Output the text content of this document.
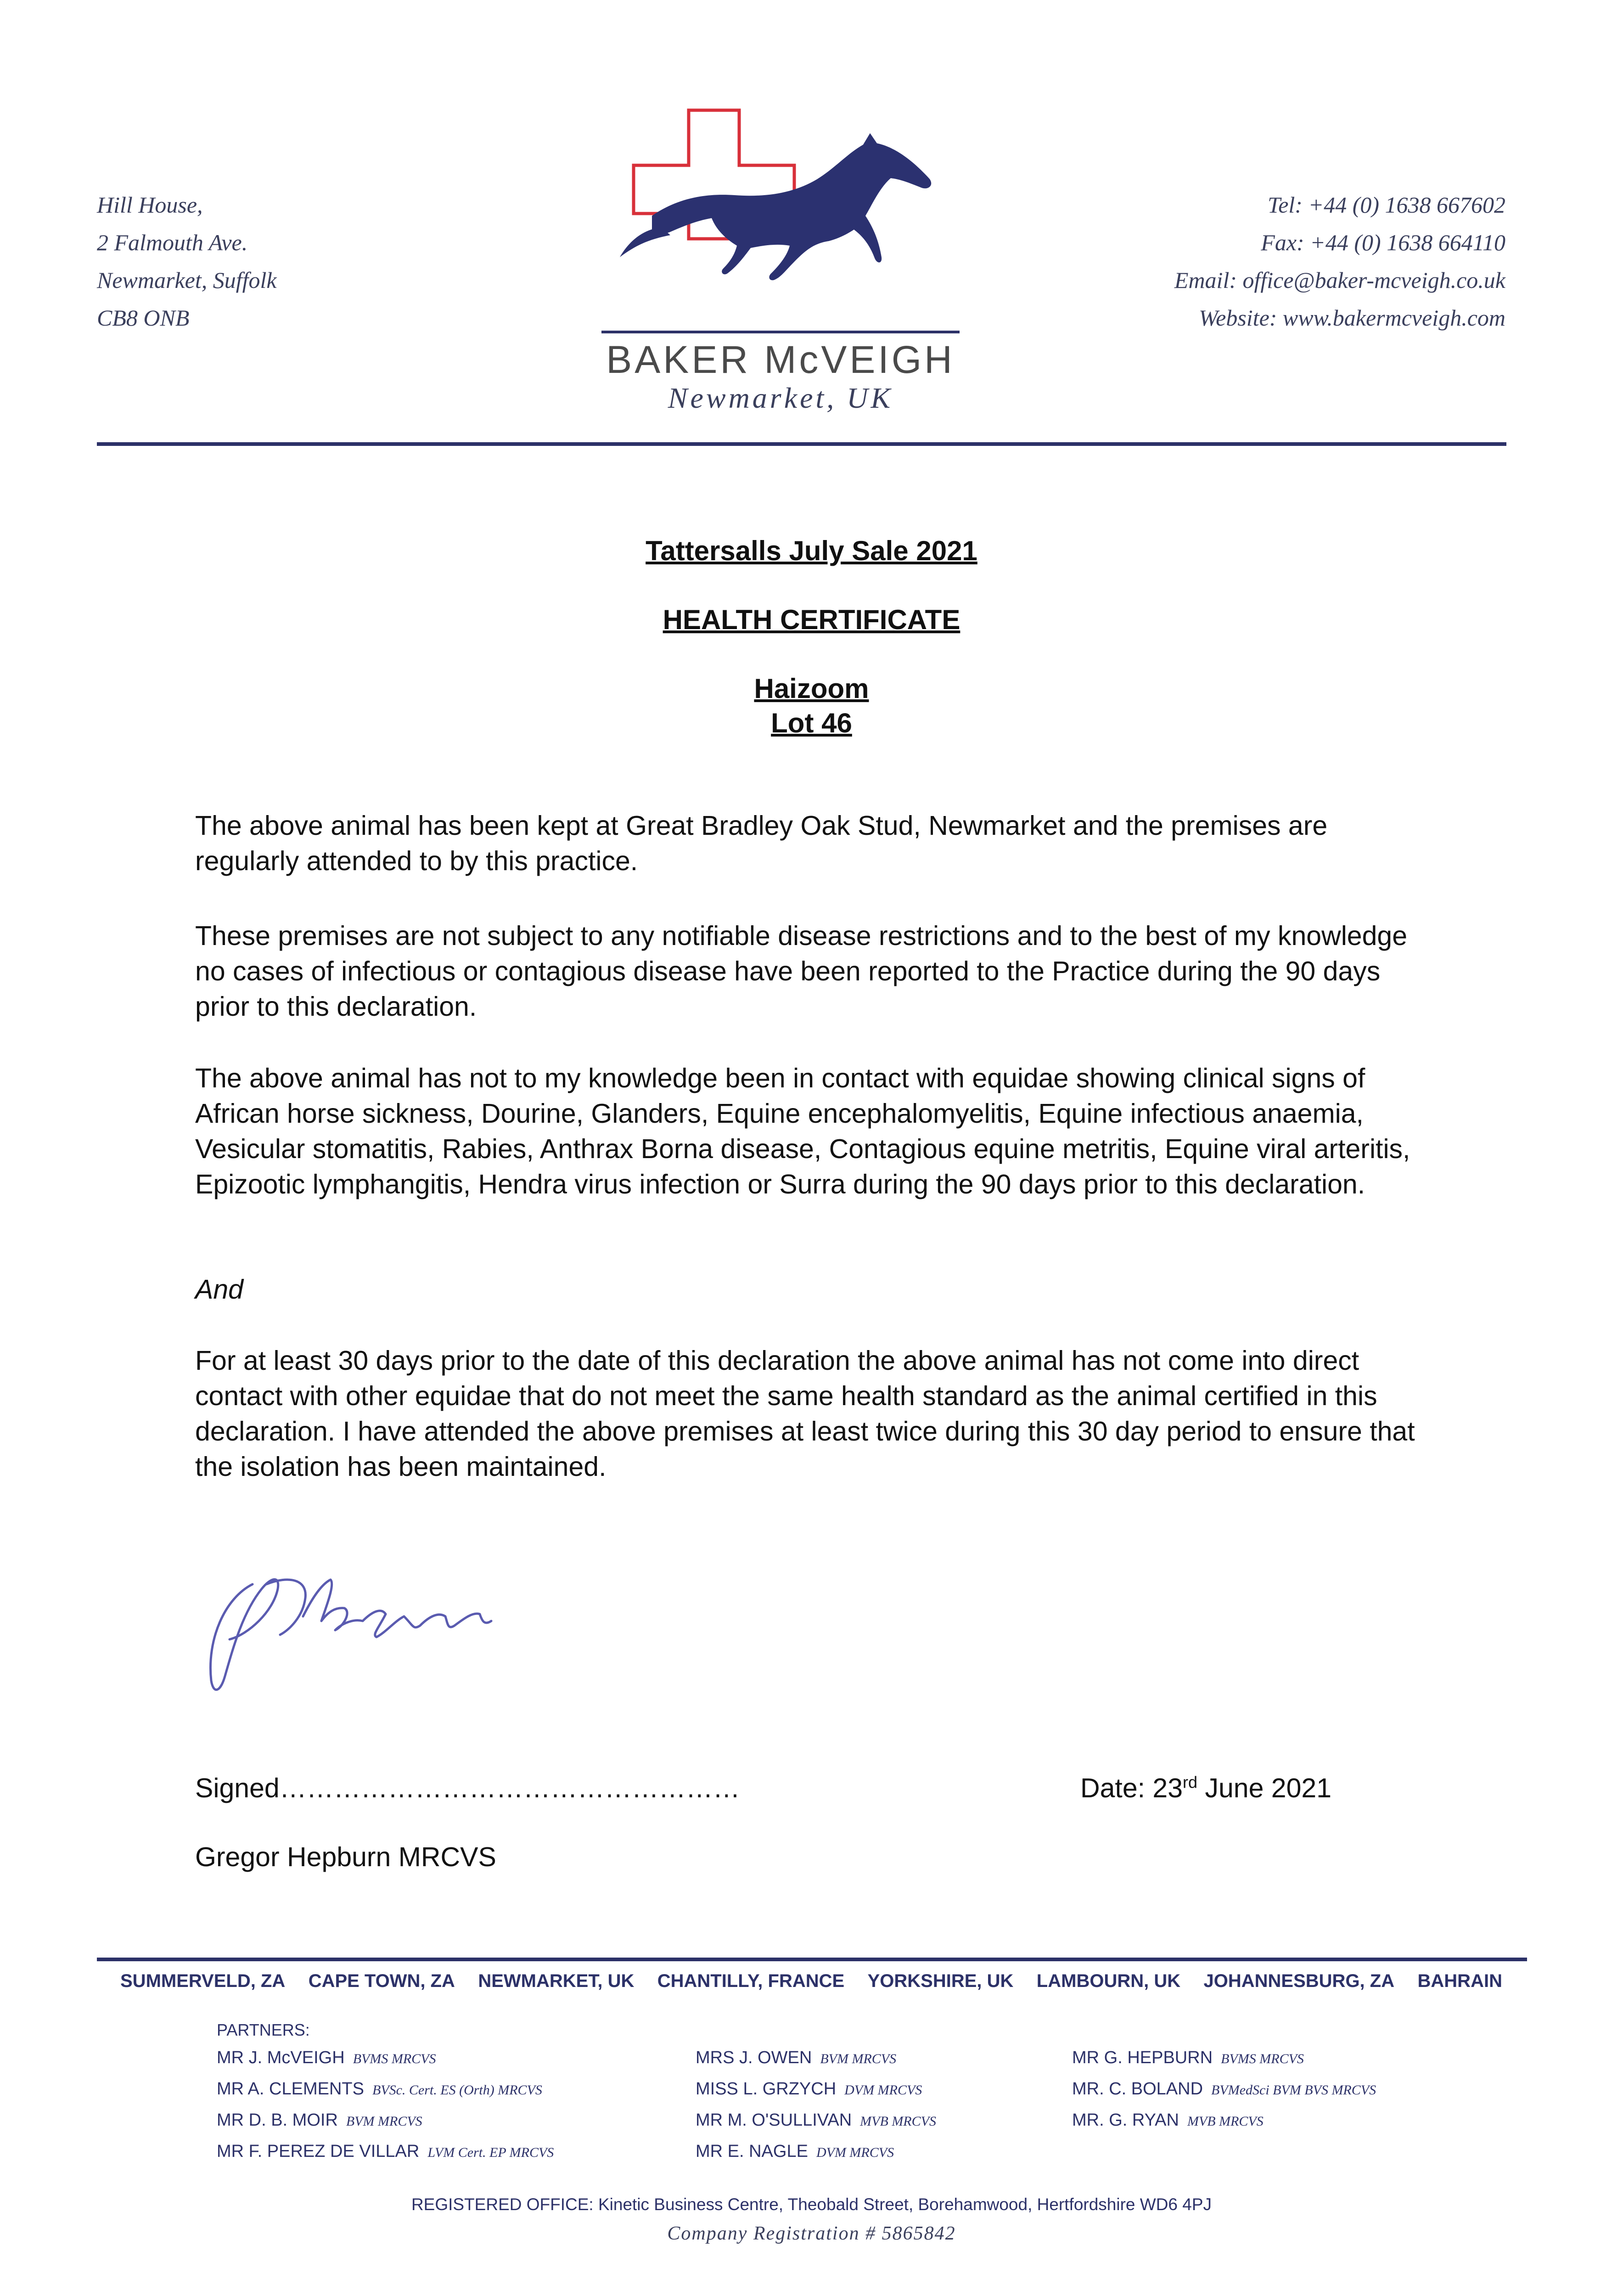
Hill House,
2 Falmouth Ave.
Newmarket, Suffolk
CB8 ONB
Tel: +44 (0) 1638 667602
Fax: +44 (0) 1638 664110
Email: office@baker-mcveigh.co.uk
Website: www.bakermcveigh.com
BAKER McVEIGH
Newmarket, UK
Tattersalls July Sale 2021
HEALTH CERTIFICATE
Haizoom
Lot 46

The above animal has been kept at Great Bradley Oak Stud, Newmarket and the premises are regularly attended to by this practice.

These premises are not subject to any notifiable disease restrictions and to the best of my knowledge no cases of infectious or contagious disease have been reported to the Practice during the 90 days prior to this declaration.

The above animal has not to my knowledge been in contact with equidae showing clinical signs of African horse sickness, Dourine, Glanders, Equine encephalomyelitis, Equine infectious anaemia, Vesicular stomatitis, Rabies, Anthrax Borna disease, Contagious equine metritis, Equine viral arteritis, Epizootic lymphangitis, Hendra virus infection or Surra during the 90 days prior to this declaration.

And

For at least 30 days prior to the date of this declaration the above animal has not come into direct contact with other equidae that do not meet the same health standard as the animal certified in this declaration. I have attended the above premises at least twice during this 30 day period to ensure that the isolation has been maintained.

Signed……………………………………………	Date: 23rd June 2021
Gregor Hepburn MRCVS
SUMMERVELD, ZA CAPE TOWN, ZA NEWMARKET, UK CHANTILLY, FRANCE YORKSHIRE, UK LAMBOURN, UK JOHANNESBURG, ZA BAHRAIN
PARTNERS:
MR J. McVEIGH BVMS MRCVS
MR A. CLEMENTS BVSc. Cert. ES (Orth) MRCVS
MR D. B. MOIR BVM MRCVS
MR F. PEREZ DE VILLAR LVM Cert. EP MRCVS
MRS J. OWEN BVM MRCVS
MISS L. GRZYCH DVM MRCVS
MR M. O'SULLIVAN MVB MRCVS
MR E. NAGLE DVM MRCVS
MR G. HEPBURN BVMS MRCVS
MR. C. BOLAND BVMedSci BVM BVS MRCVS
MR. G. RYAN MVB MRCVS
REGISTERED OFFICE: Kinetic Business Centre, Theobald Street, Borehamwood, Hertfordshire WD6 4PJ
Company Registration # 5865842
